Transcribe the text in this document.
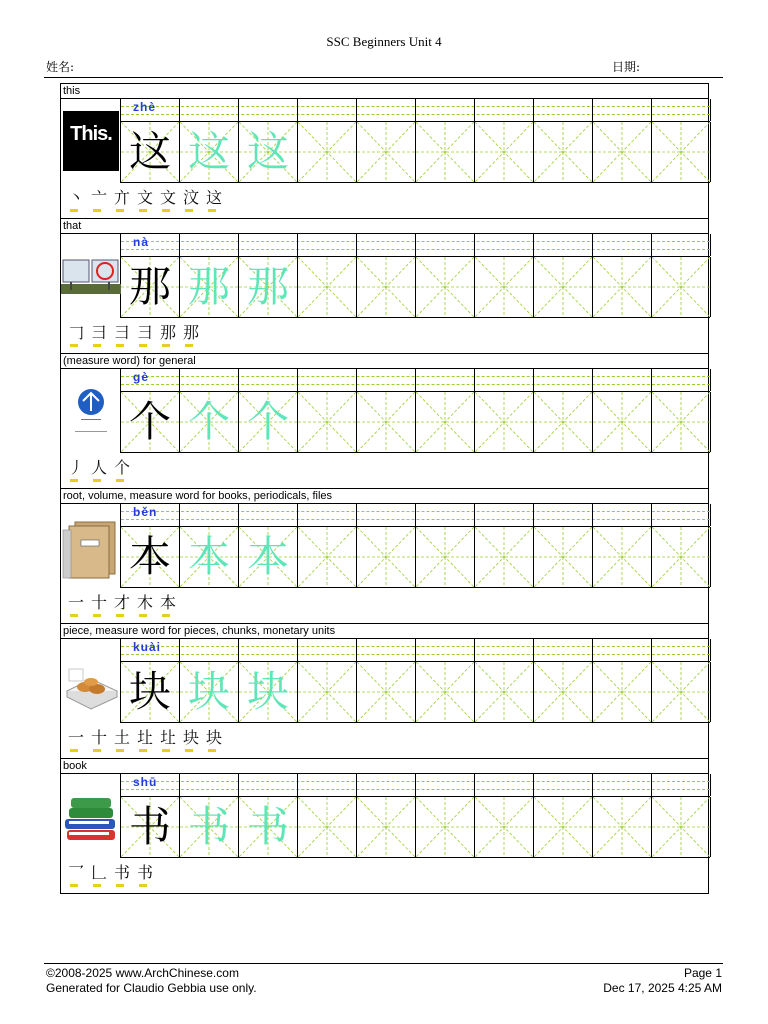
SSC Beginners Unit 4
姓名:	日期:
this
This.
zhè
这 这 这
丶 亠 亣 文 文 汶 这
that
nà
那 那 那
𠃌 彐 彐 彐 那 那
(measure word) for general
gè
个 个 个
丿 人 个
root, volume, measure word for books, periodicals, files
běn
本 本 本
一 十 才 木 本
piece, measure word for pieces, chunks, monetary units
kuài
块 块 块
一 十 土 圵 圵 块 块
book
shū
书 书 书
乛 𠃊 书 书
©2008-2025 www.ArchChinese.com
Generated for Claudio Gebbia use only.
Page 1
Dec 17, 2025 4:25 AM
